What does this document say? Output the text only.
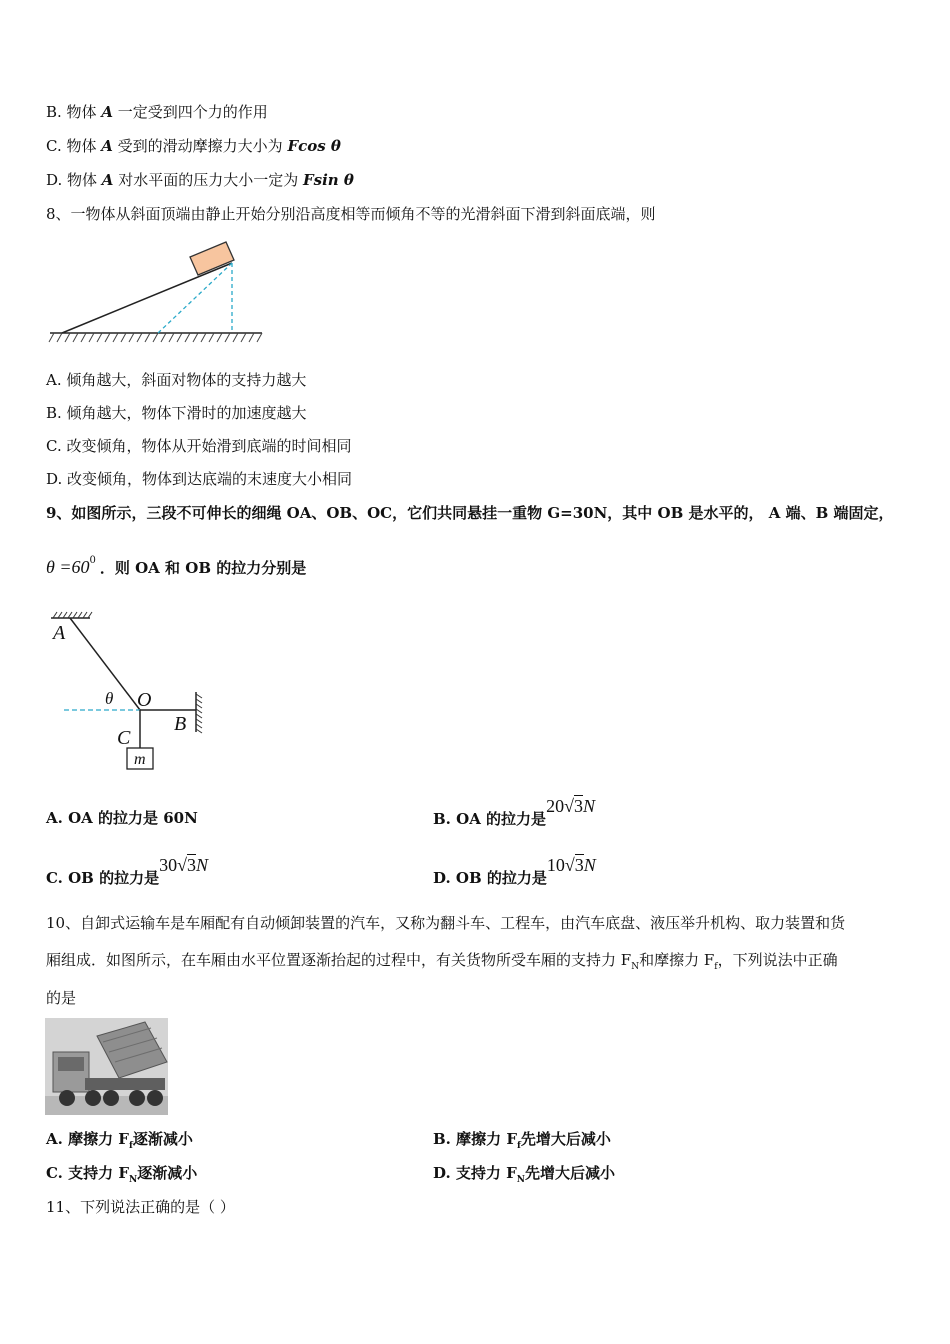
B. 物体 A 一定受到四个力的作用
C. 物体 A 受到的滑动摩擦力大小为 Fcos θ
D. 物体 A 对水平面的压力大小一定为 Fsin θ
8、一物体从斜面顶端由静止开始分别沿高度相等而倾角不等的光滑斜面下滑到斜面底端，则
A. 倾角越大，斜面对物体的支持力越大
B. 倾角越大，物体下滑时的加速度越大
C. 改变倾角，物体从开始滑到底端的时间相同
D. 改变倾角，物体到达底端的末速度大小相同
9、如图所示，三段不可伸长的细绳 OA、OB、OC，它们共同悬挂一重物 G=30N，其中 OB 是水平的， A 端、B 端固定，
$\theta =60^0$ ．则 OA 和 OB 的拉力分别是
A
θ O
B
C
m
A. OA 的拉力是 60N	B. OA 的拉力是20√3N
C. OB 的拉力是30√3N
D. OB 的拉力是10√3N
10、自卸式运输车是车厢配有自动倾卸装置的汽车，又称为翻斗车、工程车，由汽车底盘、液压举升机构、取力装置和货
厢组成．如图所示，在车厢由水平位置逐渐抬起的过程中，有关货物所受车厢的支持力 $F_N$和摩擦力 $F_f$，下列说法中正确
的是
A. 摩擦力 $F_f$逐渐减小	B. 摩擦力 $F_f$先增大后减小
C. 支持力 $F_N$逐渐减小	D. 支持力 $F_N$先增大后减小
11、下列说法正确的是（ ）
